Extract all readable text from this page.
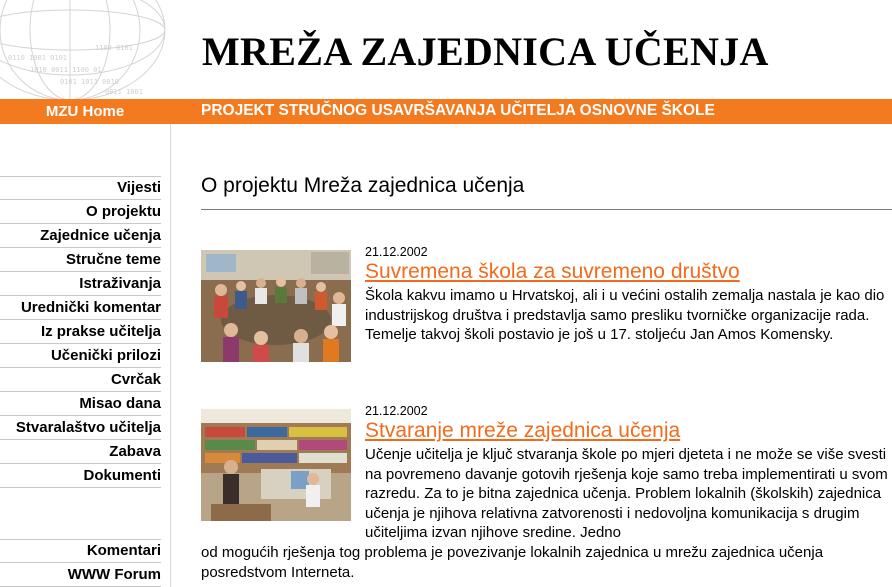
0110 1001 0101
1010 0011 1100 01
0101 1011 0010
1100 0101
0011 1001
MREŽA ZAJEDNICA UČENJA
MZU Home	PROJEKT STRUČNOG USAVRŠAVANJA UČITELJA OSNOVNE ŠKOLE
Vijesti
O projektu
Zajednice učenja
Stručne teme
Istraživanja
Urednički komentar
Iz prakse učitelja
Učenički prilozi
Cvrčak
Misao dana
Stvaralaštvo učitelja
Zabava
Dokumenti
Komentari
WWW Forum
O projektu Mreža zajednica učenja
21.12.2002
Suvremena škola za suvremeno društvo

Škola kakvu imamo u Hrvatskoj, ali i u većini ostalih zemalja nastala je kao dio industrijskog društva i predstavlja samo presliku tvorničke organizacije rada. Temelje takvoj školi postavio je još u 17. stoljeću Jan Amos Komensky.

21.12.2002
Stvaranje mreže zajednica učenja

Učenje učitelja je ključ stvaranja škole po mjeri djeteta i ne može se više svesti na povremeno davanje gotovih rješenja koje samo treba implementirati u svom razredu. Za to je bitna zajednica učenja. Problem lokalnih (školskih) zajednica učenja je njihova relativna zatvorenosti i nedovoljna komunikacija s drugim učiteljima izvan njihove sredine. Jedno

od mogućih rješenja tog problema je povezivanje lokalnih zajednica u mrežu zajednica učenja posredstvom Interneta.
